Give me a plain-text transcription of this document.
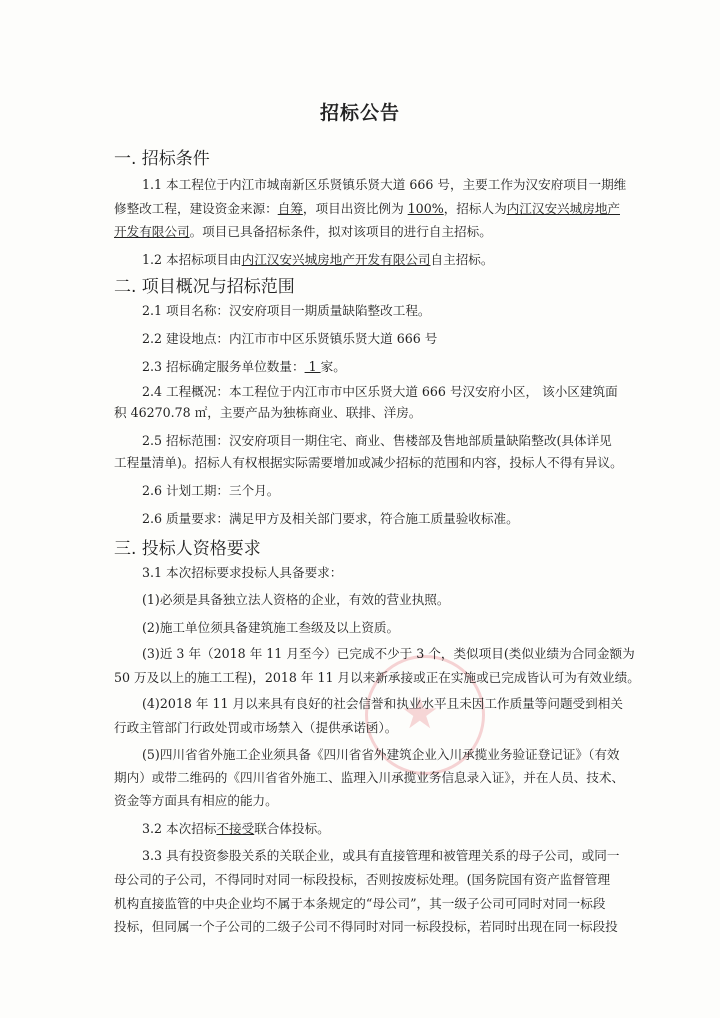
★
招标公告
一. 招标条件
1.1 本工程位于内江市城南新区乐贤镇乐贤大道 666 号，主要工作为汉安府项目一期维
修整改工程，建设资金来源：自筹，项目出资比例为 100%，招标人为内江汉安兴城房地产
开发有限公司。项目已具备招标条件，拟对该项目的进行自主招标。
1.2 本招标项目由内江汉安兴城房地产开发有限公司自主招标。
二. 项目概况与招标范围
2.1 项目名称：汉安府项目一期质量缺陷整改工程。
2.2 建设地点：内江市市中区乐贤镇乐贤大道 666 号
2.3 招标确定服务单位数量： 1 家。
2.4 工程概况：本工程位于内江市市中区乐贤大道 666 号汉安府小区， 该小区建筑面
积 46270.78 ㎡，主要产品为独栋商业、联排、洋房。
2.5 招标范围：汉安府项目一期住宅、商业、售楼部及售地部质量缺陷整改(具体详见
工程量清单)。招标人有权根据实际需要增加或减少招标的范围和内容，投标人不得有异议。
2.6 计划工期：三个月。
2.6 质量要求：满足甲方及相关部门要求，符合施工质量验收标准。
三. 投标人资格要求
3.1 本次招标要求投标人具备要求：
(1)必须是具备独立法人资格的企业，有效的营业执照。
(2)施工单位须具备建筑施工叁级及以上资质。
(3)近 3 年（2018 年 11 月至今）已完成不少于 3 个，类似项目(类似业绩为合同金额为
50 万及以上的施工工程)，2018 年 11 月以来新承接或正在实施或已完成皆认可为有效业绩。
(4)2018 年 11 月以来具有良好的社会信誉和执业水平且未因工作质量等问题受到相关
行政主管部门行政处罚或市场禁入（提供承诺函）。
(5)四川省省外施工企业须具备《四川省省外建筑企业入川承揽业务验证登记证》（有效
期内）或带二维码的《四川省省外施工、监理入川承揽业务信息录入证》，并在人员、技术、
资金等方面具有相应的能力。
3.2 本次招标不接受联合体投标。
3.3 具有投资参股关系的关联企业，或具有直接管理和被管理关系的母子公司，或同一
母公司的子公司，不得同时对同一标段投标，否则按废标处理。(国务院国有资产监督管理
机构直接监管的中央企业均不属于本条规定的“母公司”，其一级子公司可同时对同一标段
投标，但同属一个子公司的二级子公司不得同时对同一标段投标，若同时出现在同一标段投
